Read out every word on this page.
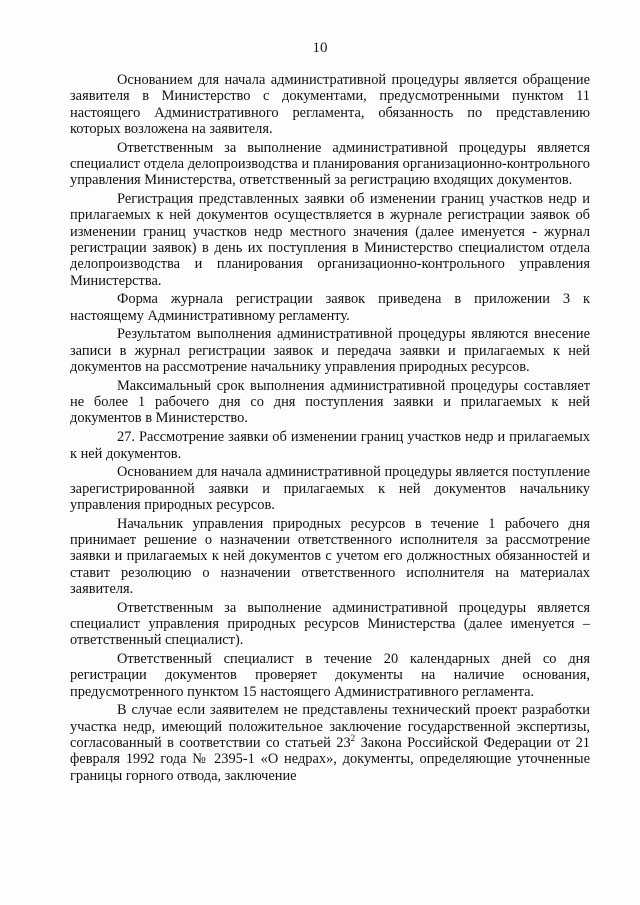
10

Основанием для начала административной процедуры является обращение заявителя в Министерство с документами, предусмотренными пунктом 11 настоящего Административного регламента, обязанность по представлению которых возложена на заявителя.

Ответственным за выполнение административной процедуры является специалист отдела делопроизводства и планирования организационно-контрольного управления Министерства, ответственный за регистрацию входящих документов.

Регистрация представленных заявки об изменении границ участков недр и прилагаемых к ней документов осуществляется в журнале регистрации заявок об изменении границ участков недр местного значения (далее именуется - журнал регистрации заявок) в день их поступления в Министерство специалистом отдела делопроизводства и планирования организационно-контрольного управления Министерства.

Форма журнала регистрации заявок приведена в приложении 3 к настоящему Административному регламенту.

Результатом выполнения административной процедуры являются внесение записи в журнал регистрации заявок и передача заявки и прилагаемых к ней документов на рассмотрение начальнику управления природных ресурсов.

Максимальный срок выполнения административной процедуры составляет не более 1 рабочего дня со дня поступления заявки и прилагаемых к ней документов в Министерство.

27. Рассмотрение заявки об изменении границ участков недр и прилагаемых к ней документов.

Основанием для начала административной процедуры является поступление зарегистрированной заявки и прилагаемых к ней документов начальнику управления природных ресурсов.

Начальник управления природных ресурсов в течение 1 рабочего дня принимает решение о назначении ответственного исполнителя за рассмотрение заявки и прилагаемых к ней документов с учетом его должностных обязанностей и ставит резолюцию о назначении ответственного исполнителя на материалах заявителя.

Ответственным за выполнение административной процедуры является специалист управления природных ресурсов Министерства (далее именуется – ответственный специалист).

Ответственный специалист в течение 20 календарных дней со дня регистрации документов проверяет документы на наличие основания, предусмотренного пунктом 15 настоящего Административного регламента.

В случае если заявителем не представлены технический проект разработки участка недр, имеющий положительное заключение государственной экспертизы, согласованный в соответствии со статьей $23^2$ Закона Российской Федерации от 21 февраля 1992 года № 2395-1 «О недрах», документы, определяющие уточненные границы горного отвода, заключение
